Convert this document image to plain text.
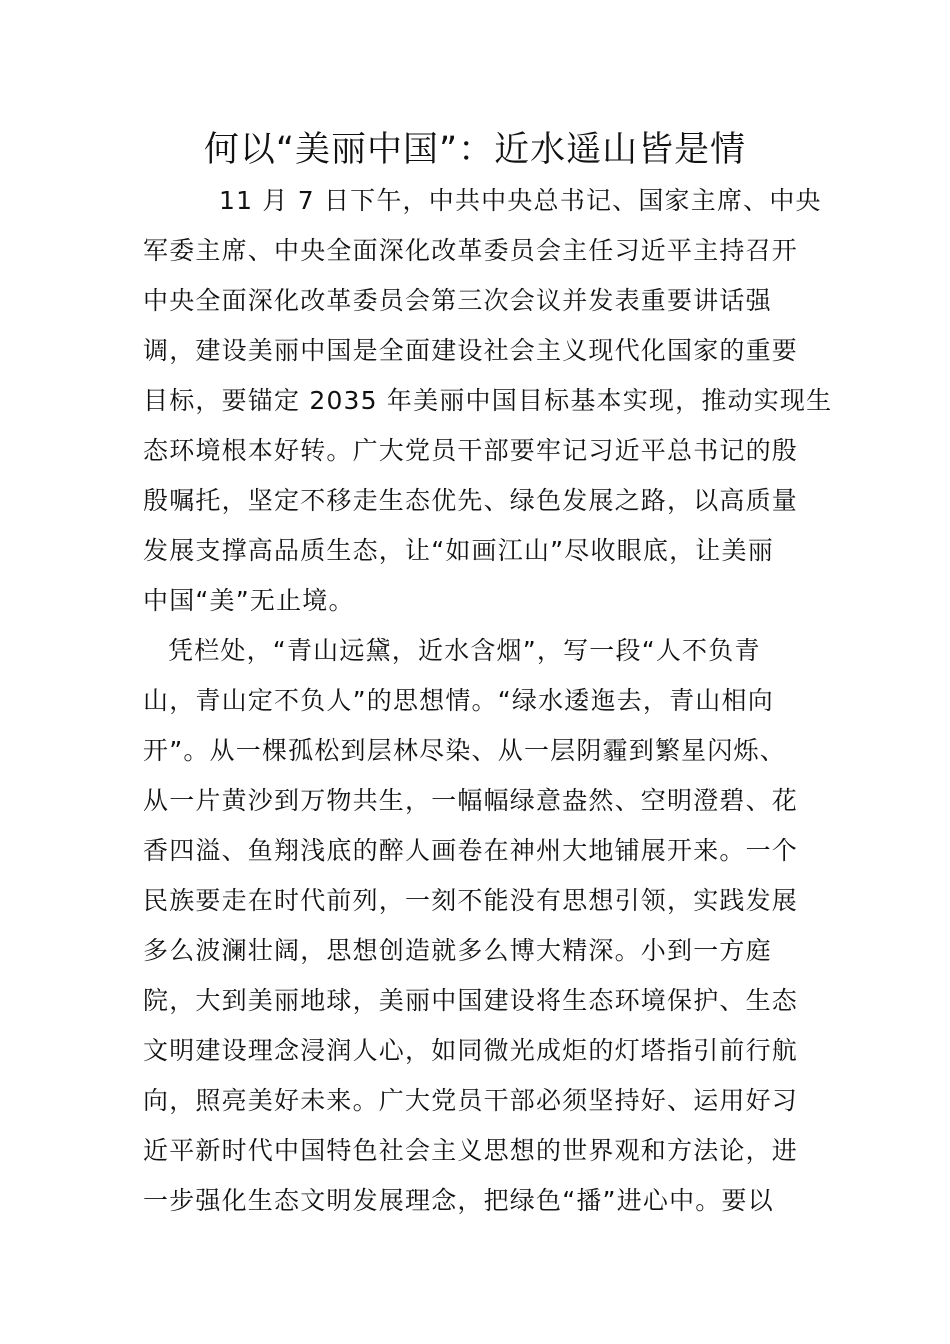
何以“美丽中国”：近水遥山皆是情
11 月 7 日下午，中共中央总书记、国家主席、中央
军委主席、中央全面深化改革委员会主任习近平主持召开
中央全面深化改革委员会第三次会议并发表重要讲话强
调，建设美丽中国是全面建设社会主义现代化国家的重要
目标，要锚定 2035 年美丽中国目标基本实现，推动实现生
态环境根本好转。广大党员干部要牢记习近平总书记的殷
殷嘱托，坚定不移走生态优先、绿色发展之路，以高质量
发展支撑高品质生态，让“如画江山”尽收眼底，让美丽
中国“美”无止境。
凭栏处，“青山远黛，近水含烟”，写一段“人不负青
山，青山定不负人”的思想情。“绿水逶迤去，青山相向
开”。从一棵孤松到层林尽染、从一层阴霾到繁星闪烁、
从一片黄沙到万物共生，一幅幅绿意盎然、空明澄碧、花
香四溢、鱼翔浅底的醉人画卷在神州大地铺展开来。一个
民族要走在时代前列，一刻不能没有思想引领，实践发展
多么波澜壮阔，思想创造就多么博大精深。小到一方庭
院，大到美丽地球，美丽中国建设将生态环境保护、生态
文明建设理念浸润人心，如同微光成炬的灯塔指引前行航
向，照亮美好未来。广大党员干部必须坚持好、运用好习
近平新时代中国特色社会主义思想的世界观和方法论，进
一步强化生态文明发展理念，把绿色“播”进心中。要以
